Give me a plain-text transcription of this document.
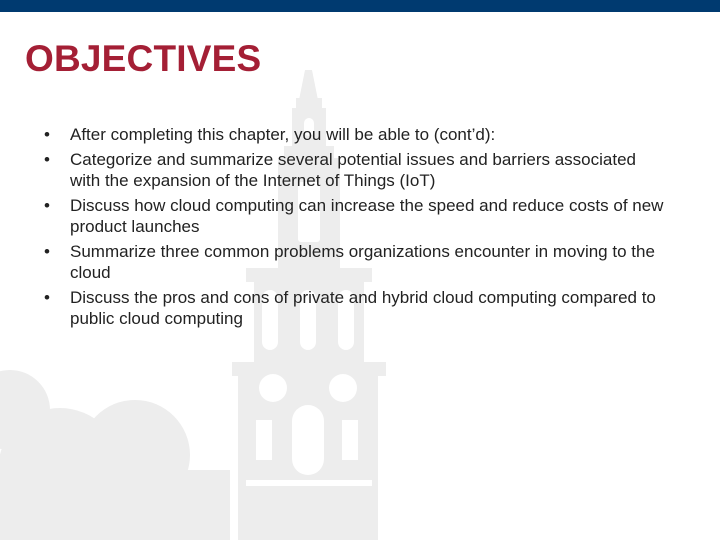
OBJECTIVES
•	After completing this chapter, you will be able to (cont’d):
•	Categorize and summarize several potential issues and barriers associated with the expansion of the Internet of Things (IoT)
•	Discuss how cloud computing can increase the speed and reduce costs of new product launches
•	Summarize three common problems organizations encounter in moving to the cloud
•	Discuss the pros and cons of private and hybrid cloud computing compared to public cloud computing
